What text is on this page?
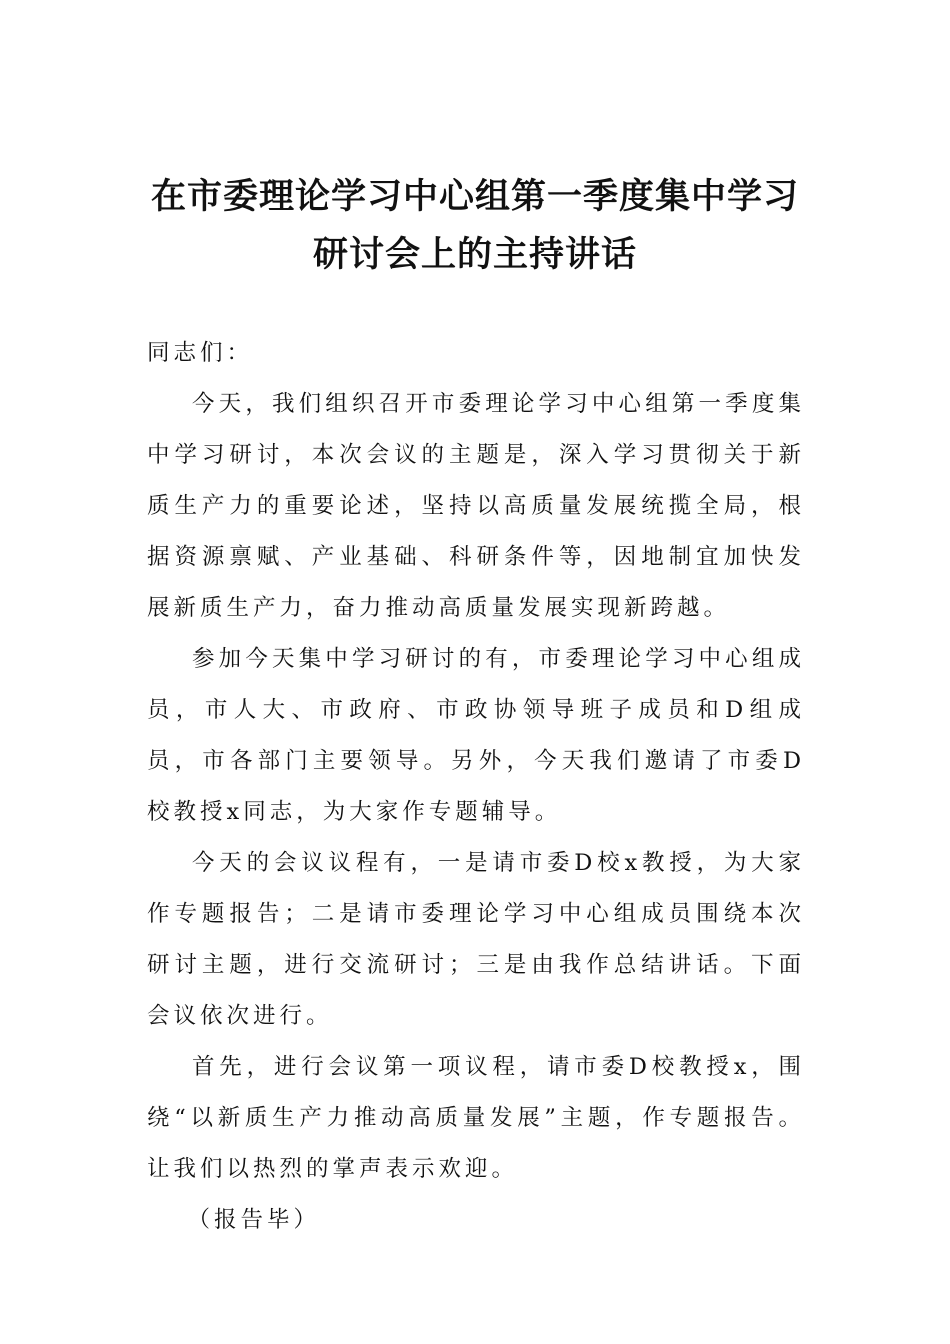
在市委理论学习中心组第一季度集中学习
研讨会上的主持讲话

同志们：

今天，我们组织召开市委理论学习中心组第一季度集中学习研讨，本次会议的主题是，深入学习贯彻关于新质生产力的重要论述，坚持以高质量发展统揽全局，根据资源禀赋、产业基础、科研条件等，因地制宜加快发展新质生产力，奋力推动高质量发展实现新跨越。

参加今天集中学习研讨的有，市委理论学习中心组成员，市人大、市政府、市政协领导班子成员和D组成员，市各部门主要领导。另外，今天我们邀请了市委D校教授x同志，为大家作专题辅导。

今天的会议议程有，一是请市委D校x教授，为大家作专题报告；二是请市委理论学习中心组成员围绕本次研讨主题，进行交流研讨；三是由我作总结讲话。下面会议依次进行。

首先，进行会议第一项议程，请市委D校教授x，围绕“以新质生产力推动高质量发展”主题，作专题报告。让我们以热烈的掌声表示欢迎。

（报告毕）
